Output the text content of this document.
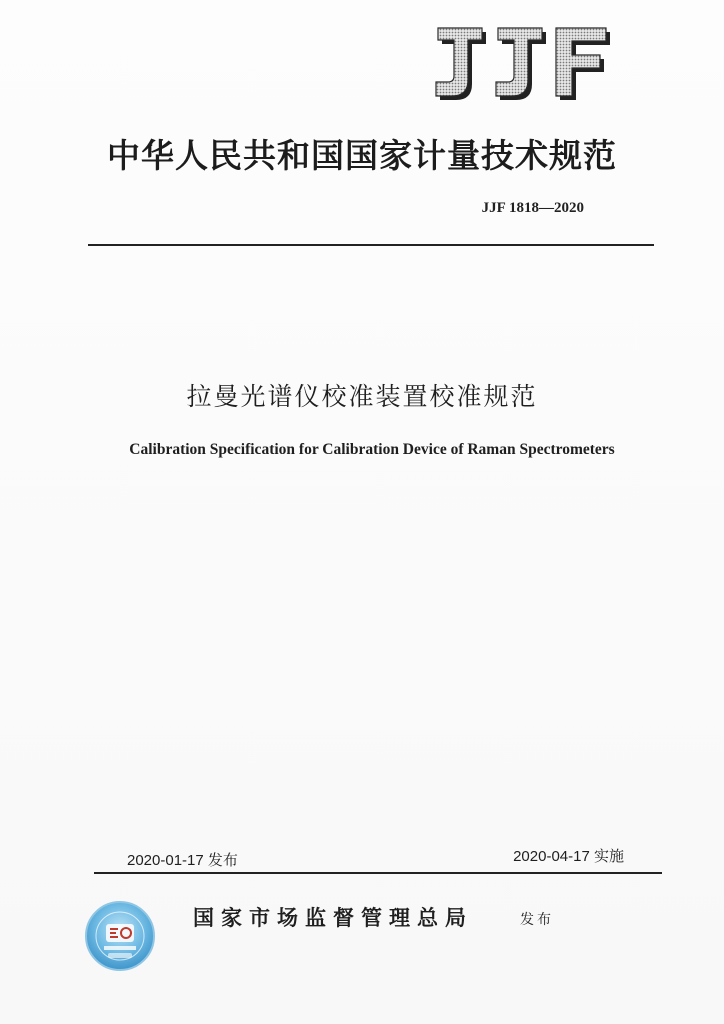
中华人民共和国国家计量技术规范
JJF 1818—2020
拉曼光谱仪校准装置校准规范
Calibration Specification for Calibration Device of Raman Spectrometers
2020-01-17 发布	2020-04-17 实施
国家市场监督管理总局	发布
